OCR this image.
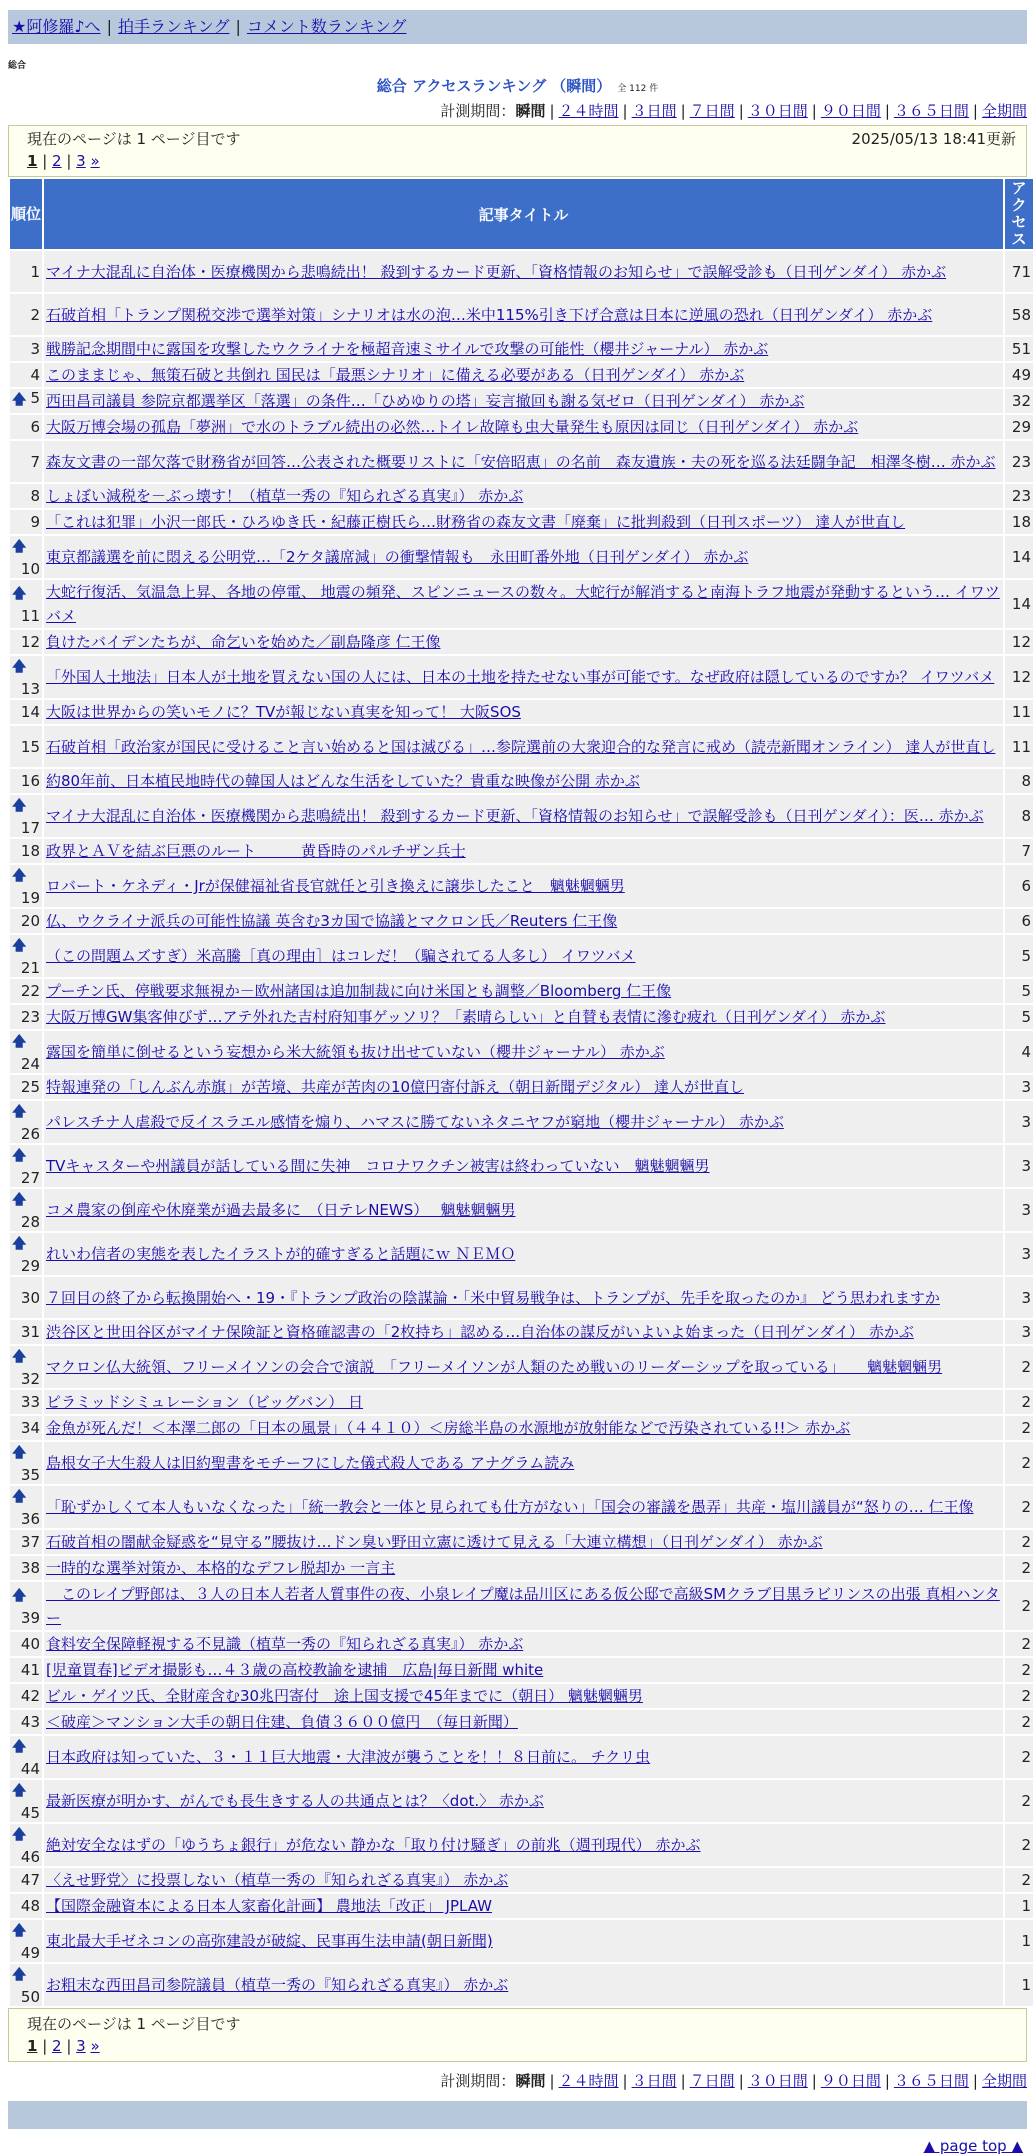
★阿修羅♪へ | 拍手ランキング | コメント数ランキング
総合
総合 アクセスランキング （瞬間） 全 112 件
計測期間：瞬間 | ２４時間 | ３日間 | ７日間 | ３０日間 | ９０日間 | ３６５日間 | 全期間
現在のページは 1 ページ目です	2025/05/13 18:41更新
1 | 2 | 3 »
順位	記事タイトル	アクセス
1	マイナ大混乱に自治体・医療機関から悲鳴続出！ 殺到するカード更新、「資格情報のお知らせ」で誤解受診も（日刊ゲンダイ） 赤かぶ	71
2	石破首相「トランプ関税交渉で選挙対策」シナリオは水の泡…米中115%引き下げ合意は日本に逆風の恐れ（日刊ゲンダイ） 赤かぶ	58
3	戦勝記念期間中に露国を攻撃したウクライナを極超音速ミサイルで攻撃の可能性（櫻井ジャーナル） 赤かぶ	51
4	このままじゃ、無策石破と共倒れ 国民は「最悪シナリオ」に備える必要がある（日刊ゲンダイ） 赤かぶ	49

🡅 5	西田昌司議員 参院京都選挙区「落選」の条件…「ひめゆりの塔」妄言撤回も謝る気ゼロ（日刊ゲンダイ） 赤かぶ	32
6	大阪万博会場の孤島「夢洲」で水のトラブル続出の必然…トイレ故障も虫大量発生も原因は同じ（日刊ゲンダイ） 赤かぶ	29
7	森友文書の一部欠落で財務省が回答…公表された概要リストに「安倍昭恵」の名前　森友遺族・夫の死を巡る法廷闘争記　相澤冬樹… 赤かぶ	23
8	しょぼい減税を－ぶっ壊す！（植草一秀の『知られざる真実』） 赤かぶ	23
9	「これは犯罪」小沢一郎氏・ひろゆき氏・紀藤正樹氏ら…財務省の森友文書「廃棄」に批判殺到（日刊スポーツ） 達人が世直し	18

🡅
10	東京都議選を前に悶える公明党…「2ケタ議席減」の衝撃情報も　永田町番外地（日刊ゲンダイ） 赤かぶ	14

🡅
11	大蛇行復活、気温急上昇、各地の停電、 地震の頻発、スピンニュースの数々。大蛇行が解消すると南海トラフ地震が発動するという… イワツバメ	14
12	負けたバイデンたちが、命乞いを始めた／副島隆彦 仁王像	12

🡅
13	「外国人土地法」日本人が土地を買えない国の人には、日本の土地を持たせない事が可能です。なぜ政府は隠しているのですか？ イワツバメ	12
14	大阪は世界からの笑いモノに？TVが報じない真実を知って！ 大阪SOS	11
15	石破首相「政治家が国民に受けること言い始めると国は滅びる」…参院選前の大衆迎合的な発言に戒め（読売新聞オンライン） 達人が世直し	11
16	約80年前、日本植民地時代の韓国人はどんな生活をしていた？貴重な映像が公開 赤かぶ	8

🡅
17	マイナ大混乱に自治体・医療機関から悲鳴続出！ 殺到するカード更新、「資格情報のお知らせ」で誤解受診も（日刊ゲンダイ）：医… 赤かぶ	8
18	政界とＡＶを結ぶ巨悪のルート　　　黄昏時のパルチザン兵士	7

🡅
19	ロバート・ケネディ・Jrが保健福祉省長官就任と引き換えに譲歩したこと　魑魅魍魎男	6
20	仏、ウクライナ派兵の可能性協議 英含む3カ国で協議とマクロン氏／Reuters 仁王像	6

🡅
21	（この問題ムズすぎ）米高騰［真の理由］はコレだ！（騙されてる人多し） イワツバメ	5
22	プーチン氏、停戦要求無視か－欧州諸国は追加制裁に向け米国とも調整／Bloomberg 仁王像	5
23	大阪万博GW集客伸びず…アテ外れた吉村府知事ゲッソリ？「素晴らしい」と自賛も表情に滲む疲れ（日刊ゲンダイ） 赤かぶ	5

🡅
24	露国を簡単に倒せるという妄想から米大統領も抜け出せていない（櫻井ジャーナル） 赤かぶ	4
25	特報連発の「しんぶん赤旗」が苦境、共産が苦肉の10億円寄付訴え（朝日新聞デジタル） 達人が世直し	3

🡅
26	パレスチナ人虐殺で反イスラエル感情を煽り、ハマスに勝てないネタニヤフが窮地（櫻井ジャーナル） 赤かぶ	3

🡅
27	TVキャスターや州議員が話している間に失神　コロナワクチン被害は終わっていない　魑魅魍魎男	3

🡅
28	コメ農家の倒産や休廃業が過去最多に　（日テレNEWS）　 魑魅魍魎男	3

🡅
29	れいわ信者の実態を表したイラストが的確すぎると話題にｗ ＮＥＭＯ	3
30	７回目の終了から転換開始へ・19・『トランプ政治の陰謀論・「米中貿易戦争は、トランプが、先手を取ったのか』 どう思われますか	3
31	渋谷区と世田谷区がマイナ保険証と資格確認書の「2枚持ち」認める…自治体の謀反がいよいよ始まった（日刊ゲンダイ） 赤かぶ	3

🡅
32	マクロン仏大統領、フリーメイソンの会合で演説　「フリーメイソンが人類のため戦いのリーダーシップを取っている」　　魑魅魍魎男	2
33	ピラミッドシミュレーション（ビッグバン） 日	2
34	金魚が死んだ！＜本澤二郎の「日本の風景」（４４１０）＜房総半島の水源地が放射能などで汚染されている!!＞ 赤かぶ	2

🡅
35	島根女子大生殺人は旧約聖書をモチーフにした儀式殺人である アナグラム読み	2

🡅
36	「恥ずかしくて本人もいなくなった」「統一教会と一体と見られても仕方がない」「国会の審議を愚弄」共産・塩川議員が“怒りの… 仁王像	2
37	石破首相の闇献金疑惑を“見守る”腰抜け…ドン臭い野田立憲に透けて見える「大連立構想」（日刊ゲンダイ） 赤かぶ	2
38	一時的な選挙対策か、本格的なデフレ脱却か 一言主	2

🡅
39	　このレイプ野郎は、３人の日本人若者人質事件の夜、小泉レイプ魔は品川区にある仮公邸で高級SMクラブ目黒ラビリンスの出張 真相ハンター	2
40	食料安全保障軽視する不見識（植草一秀の『知られざる真実』） 赤かぶ	2
41	[児童買春]ビデオ撮影も…４３歳の高校教諭を逮捕　広島|毎日新聞 white	2
42	ビル・ゲイツ氏、全財産含む30兆円寄付　途上国支援で45年までに（朝日） 魑魅魍魎男	2
43	＜破産＞マンション大手の朝日住建、負債３６００億円　（毎日新聞）	2

🡅
44	日本政府は知っていた、３・１１巨大地震・大津波が襲うことを！！８日前に。 チクリ虫	2

🡅
45	最新医療が明かす、がんでも長生きする人の共通点とは？〈dot.〉 赤かぶ	2

🡅
46	絶対安全なはずの「ゆうちょ銀行」が危ない 静かな「取り付け騒ぎ」の前兆（週刊現代） 赤かぶ	2
47	〈えせ野党〉に投票しない（植草一秀の『知られざる真実』） 赤かぶ	2
48	【国際金融資本による日本人家畜化計画】 農地法「改正」 JPLAW	1

🡅
49	東北最大手ゼネコンの高弥建設が破綻、民事再生法申請(朝日新聞)	1

🡅
50	お粗末な西田昌司参院議員（植草一秀の『知られざる真実』） 赤かぶ	1
現在のページは 1 ページ目です
1 | 2 | 3 »
計測期間：瞬間 | ２４時間 | ３日間 | ７日間 | ３０日間 | ９０日間 | ３６５日間 | 全期間
▲ page top ▲
